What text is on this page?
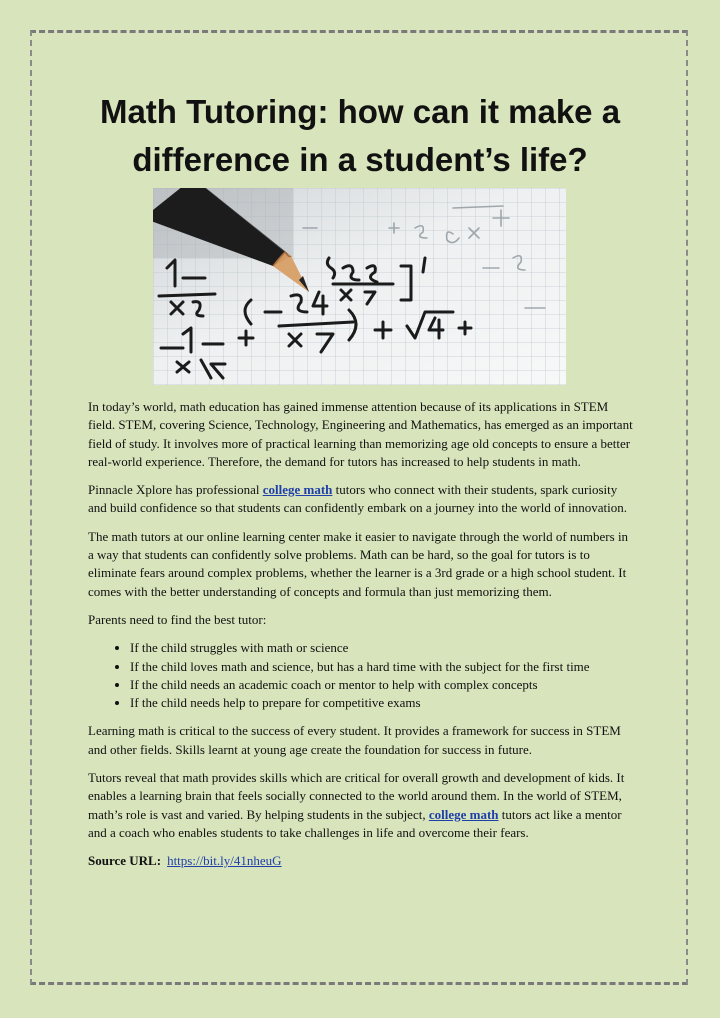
Math Tutoring: how can it make a
difference in a student’s life?

In today’s world, math education has gained immense attention because of its applications in STEM field. STEM, covering Science, Technology, Engineering and Mathematics, has emerged as an important field of study. It involves more of practical learning than memorizing age old concepts to ensure a better real-world experience. Therefore, the demand for tutors has increased to help students in math.

Pinnacle Xplore has professional college math tutors who connect with their students, spark curiosity and build confidence so that students can confidently embark on a journey into the world of innovation.

The math tutors at our online learning center make it easier to navigate through the world of numbers in a way that students can confidently solve problems. Math can be hard, so the goal for tutors is to eliminate fears around complex problems, whether the learner is a 3rd grade or a high school student. It comes with the better understanding of concepts and formula than just memorizing them.

Parents need to find the best tutor:

• If the child struggles with math or science
• If the child loves math and science, but has a hard time with the subject for the first time
• If the child needs an academic coach or mentor to help with complex concepts
• If the child needs help to prepare for competitive exams

Learning math is critical to the success of every student. It provides a framework for success in STEM and other fields. Skills learnt at young age create the foundation for success in future.

Tutors reveal that math provides skills which are critical for overall growth and development of kids. It enables a learning brain that feels socially connected to the world around them. In the world of STEM, math’s role is vast and varied. By helping students in the subject, college math tutors act like a mentor and a coach who enables students to take challenges in life and overcome their fears.

Source URL: https://bit.ly/41nheuG
